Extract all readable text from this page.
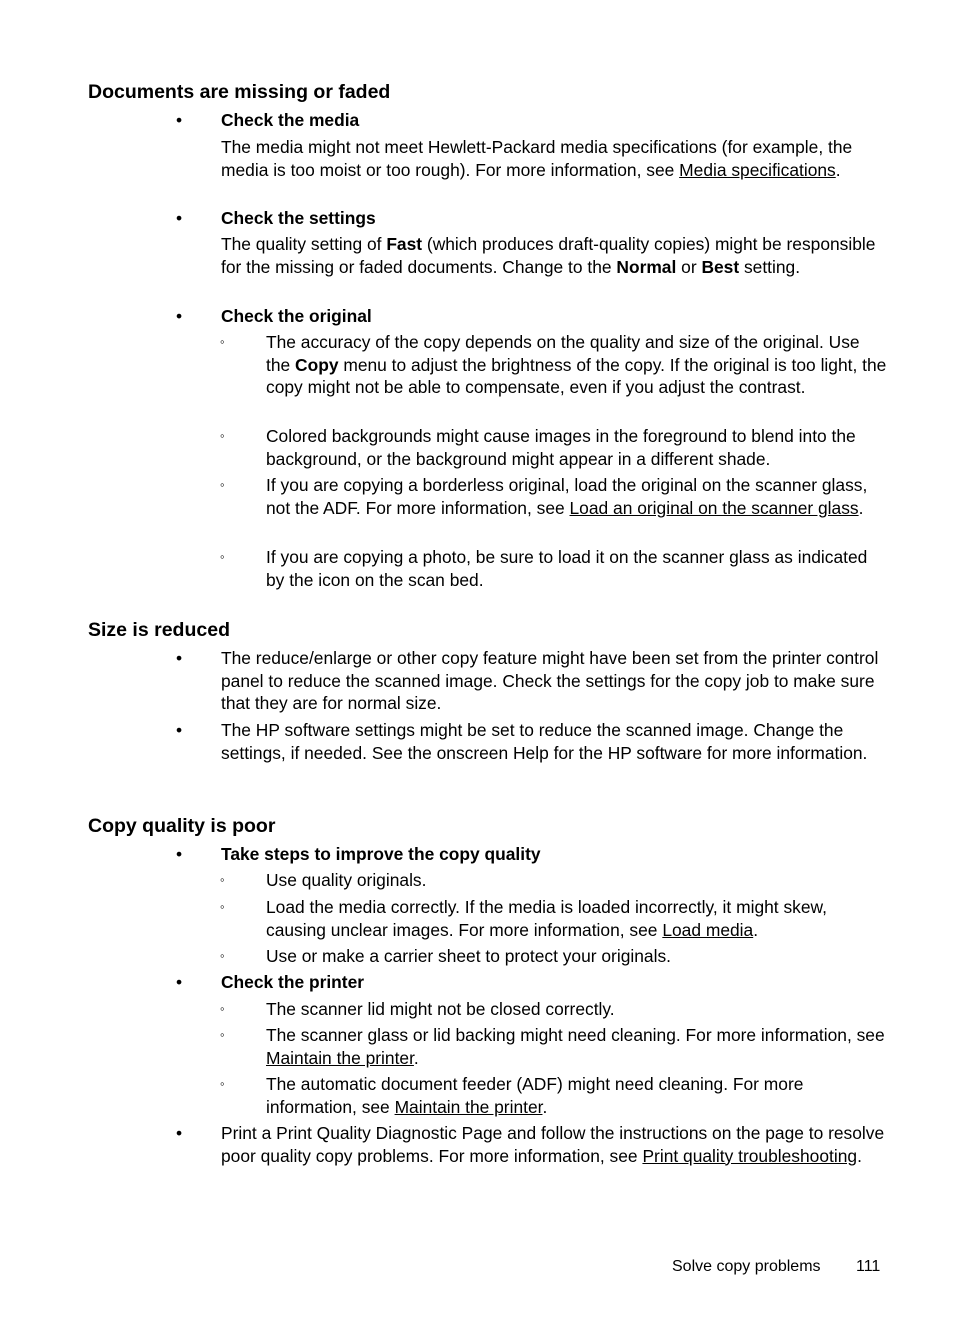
Documents are missing or faded
• Check the media
The media might not meet Hewlett-Packard media specifications (for example, the media is too moist or too rough). For more information, see Media specifications.
• Check the settings
The quality setting of Fast (which produces draft-quality copies) might be responsible for the missing or faded documents. Change to the Normal or Best setting.
• Check the original
◦ The accuracy of the copy depends on the quality and size of the original. Use the Copy menu to adjust the brightness of the copy. If the original is too light, the copy might not be able to compensate, even if you adjust the contrast.
◦ Colored backgrounds might cause images in the foreground to blend into the background, or the background might appear in a different shade.
◦ If you are copying a borderless original, load the original on the scanner glass, not the ADF. For more information, see Load an original on the scanner glass.
◦ If you are copying a photo, be sure to load it on the scanner glass as indicated by the icon on the scan bed.
Size is reduced
• The reduce/enlarge or other copy feature might have been set from the printer control panel to reduce the scanned image. Check the settings for the copy job to make sure that they are for normal size.
• The HP software settings might be set to reduce the scanned image. Change the settings, if needed. See the onscreen Help for the HP software for more information.
Copy quality is poor
• Take steps to improve the copy quality
◦ Use quality originals.
◦ Load the media correctly. If the media is loaded incorrectly, it might skew, causing unclear images. For more information, see Load media.
◦ Use or make a carrier sheet to protect your originals.
• Check the printer
◦ The scanner lid might not be closed correctly.
◦ The scanner glass or lid backing might need cleaning. For more information, see Maintain the printer.
◦ The automatic document feeder (ADF) might need cleaning. For more information, see Maintain the printer.
• Print a Print Quality Diagnostic Page and follow the instructions on the page to resolve poor quality copy problems. For more information, see Print quality troubleshooting.
Solve copy problems 111
